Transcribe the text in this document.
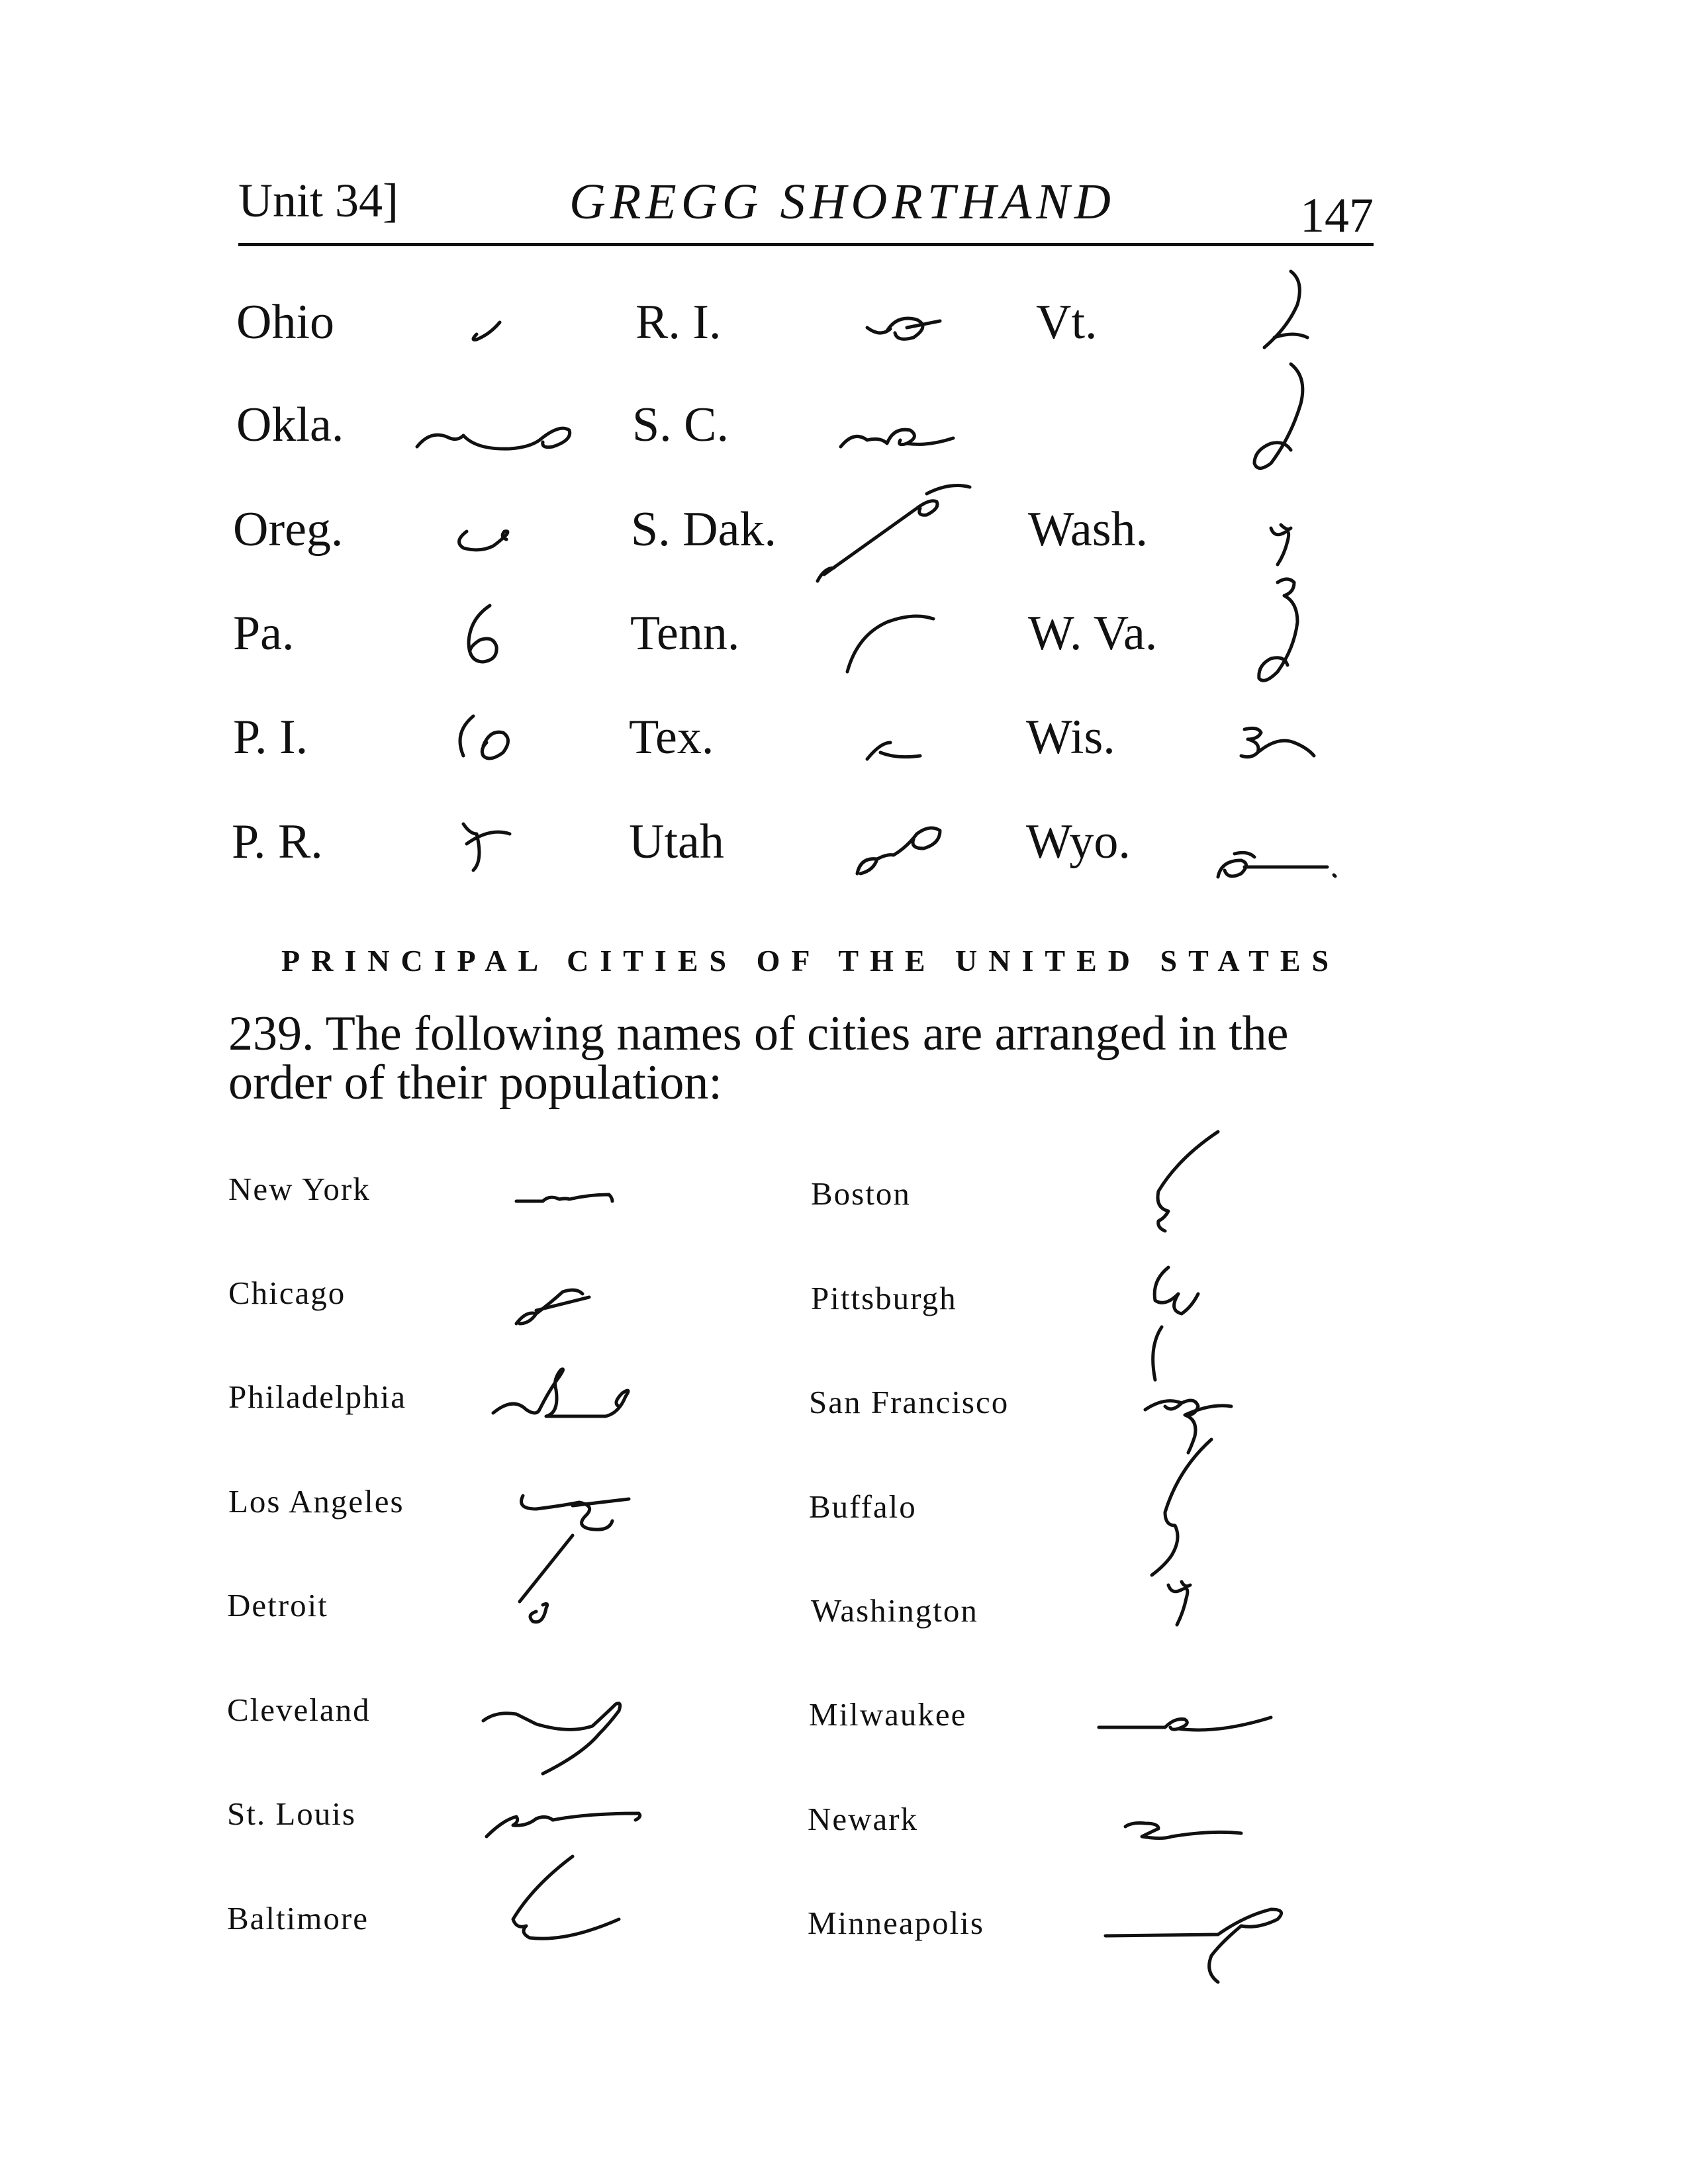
Unit 34]	GREGG SHORTHAND	147
Ohio	R. I.	Vt.
Okla.	S. C.
Oreg.	S. Dak.	Wash.
Pa.	Tenn.	W. Va.
P. I.	Tex.	Wis.
P. R.	Utah	Wyo.
PRINCIPAL CITIES OF THE UNITED STATES
239. The following names of cities are arranged in the order of their population:
New York	Boston
Chicago	Pittsburgh
Philadelphia	San Francisco
Los Angeles	Buffalo
Detroit	Washington
Cleveland	Milwaukee
St. Louis	Newark
Baltimore	Minneapolis
